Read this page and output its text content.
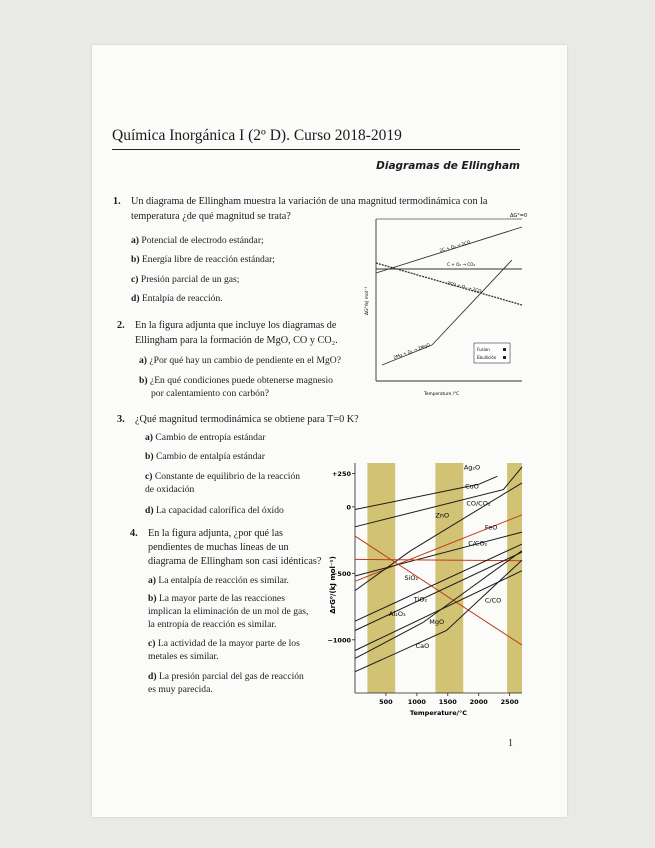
Química Inorgánica I (2º D). Curso 2018-2019
Diagramas de Ellingham
1. Un diagrama de Ellingham muestra la variación de una magnitud termodinámica con la
temperatura ¿de qué magnitud se trata?
a) Potencial de electrodo estándar;
b) Energía libre de reacción estándar;
c) Presión parcial de un gas;
d) Entalpía de reacción.
2. En la figura adjunta que incluye los diagramas de
Ellingham para la formación de MgO, CO y CO₂.
a) ¿Por qué hay un cambio de pendiente en el MgO?
b) ¿En qué condiciones puede obtenerse magnesio
por calentamiento con carbón?
3. ¿Qué magnitud termodinámica se obtiene para T=0 K?
a) Cambio de entropía estándar
b) Cambio de entalpía estándar
c) Constante de equilibrio de la reacción
de oxidación
d) La capacidad calorífica del óxido
4. En la figura adjunta, ¿por qué las
pendientes de muchas líneas de un
diagrama de Ellingham son casi idénticas?
a) La entalpía de reacción es similar.
b) La mayor parte de las reacciones
implican la eliminación de un mol de gas,
la entropía de reacción es similar.
c) La actividad de la mayor parte de los
metales es similar.
d) La presión parcial del gas de reacción
es muy parecida.
ΔG°=0
2C + O₂ → 2CO
C + O₂ → CO₂
2CO + O₂ → 2CO₂
2Mg + O₂ → 2MgO
ΔG°/kJ mol⁻¹
Temperature /°C
Fusion
Ebullición
+250
0
−500
−1000
500 1000 1500 2000 2500
Ag₂O
CuO
CO/CO₂
ZnO
FeO
C/CO₂
SiO₂
C/CO
TiO₂
Al₂O₃
MgO
CaO
ΔrG⁰/(kJ mol⁻¹)
Temperature/°C
1
